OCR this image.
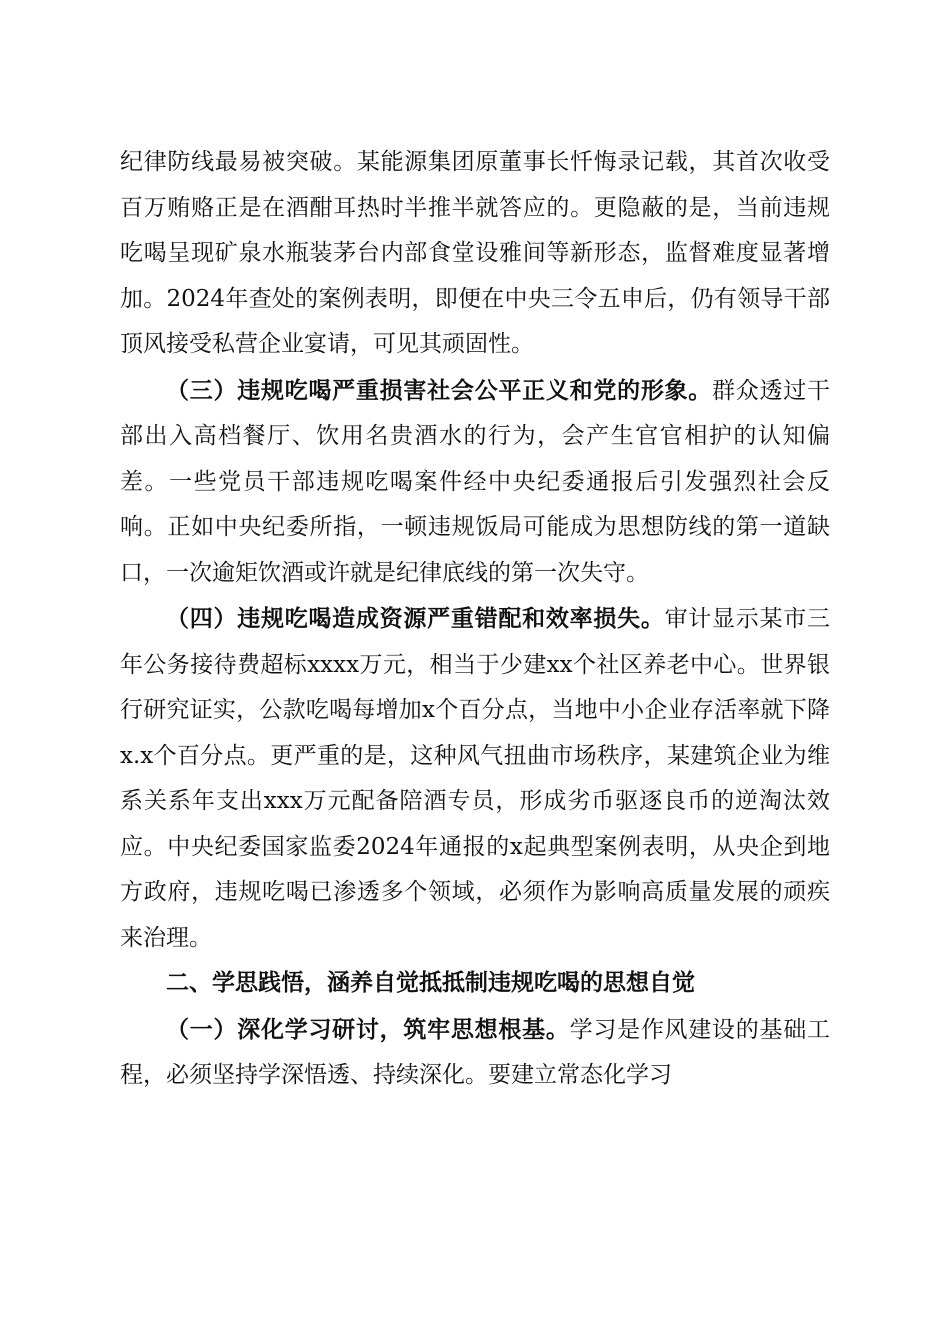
纪律防线最易被突破。某能源集团原董事长忏悔录记载，其首次收受百万贿赂正是在酒酣耳热时半推半就答应的。更隐蔽的是，当前违规吃喝呈现矿泉水瓶装茅台内部食堂设雅间等新形态，监督难度显著增加。2024年查处的案例表明，即便在中央三令五申后，仍有领导干部顶风接受私营企业宴请，可见其顽固性。

（三）违规吃喝严重损害社会公平正义和党的形象。群众透过干部出入高档餐厅、饮用名贵酒水的行为，会产生官官相护的认知偏差。一些党员干部违规吃喝案件经中央纪委通报后引发强烈社会反响。正如中央纪委所指，一顿违规饭局可能成为思想防线的第一道缺口，一次逾矩饮酒或许就是纪律底线的第一次失守。

（四）违规吃喝造成资源严重错配和效率损失。审计显示某市三年公务接待费超标xxxx万元，相当于少建xx个社区养老中心。世界银行研究证实，公款吃喝每增加x个百分点，当地中小企业存活率就下降x.x个百分点。更严重的是，这种风气扭曲市场秩序，某建筑企业为维系关系年支出xxx万元配备陪酒专员，形成劣币驱逐良币的逆淘汰效应。中央纪委国家监委2024年通报的x起典型案例表明，从央企到地方政府，违规吃喝已渗透多个领域，必须作为影响高质量发展的顽疾来治理。

二、学思践悟，涵养自觉抵抵制违规吃喝的思想自觉

（一）深化学习研讨，筑牢思想根基。学习是作风建设的基础工程，必须坚持学深悟透、持续深化。要建立常态化学习
